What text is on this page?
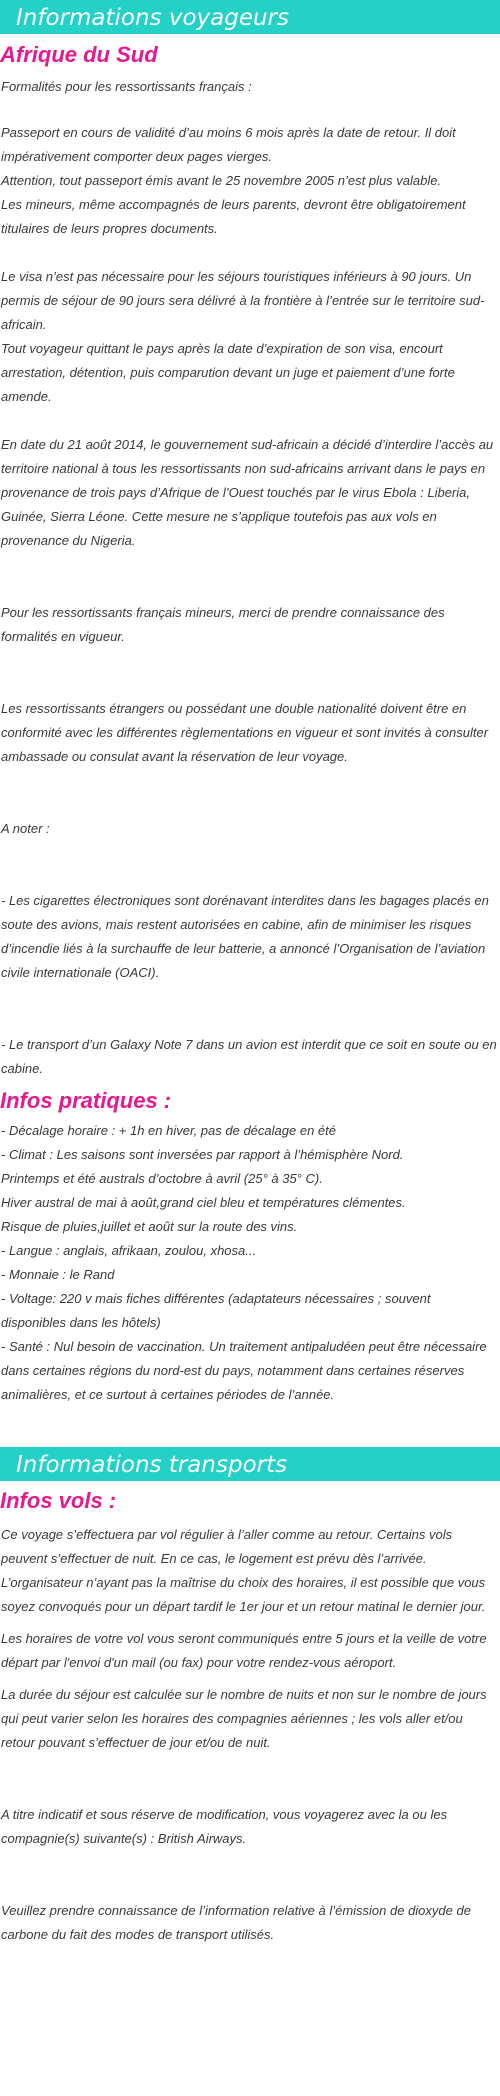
Informations voyageurs
Afrique du Sud

Formalités pour les ressortissants français :

Passeport en cours de validité d’au moins 6 mois après la date de retour. Il doit impérativement comporter deux pages vierges.

Attention, tout passeport émis avant le 25 novembre 2005 n’est plus valable.

Les mineurs, même accompagnés de leurs parents, devront être obligatoirement titulaires de leurs propres documents.

Le visa n’est pas nécessaire pour les séjours touristiques inférieurs à 90 jours. Un permis de séjour de 90 jours sera délivré à la frontière à l’entrée sur le territoire sud-africain.

Tout voyageur quittant le pays après la date d’expiration de son visa, encourt arrestation, détention, puis comparution devant un juge et paiement d’une forte amende.

En date du 21 août 2014, le gouvernement sud-africain a décidé d’interdire l’accès au territoire national à tous les ressortissants non sud-africains arrivant dans le pays en provenance de trois pays d’Afrique de l’Ouest touchés par le virus Ebola : Liberia, Guinée, Sierra Léone. Cette mesure ne s’applique toutefois pas aux vols en provenance du Nigeria.

Pour les ressortissants français mineurs, merci de prendre connaissance des formalités en vigueur.

Les ressortissants étrangers ou possédant une double nationalité doivent être en conformité avec les différentes règlementations en vigueur et sont invités à consulter ambassade ou consulat avant la réservation de leur voyage.

A noter :

- Les cigarettes électroniques sont dorénavant interdites dans les bagages placés en soute des avions, mais restent autorisées en cabine, afin de minimiser les risques d’incendie liés à la surchauffe de leur batterie, a annoncé l’Organisation de l’aviation civile internationale (OACI).

- Le transport d’un Galaxy Note 7 dans un avion est interdit que ce soit en soute ou en cabine.

Infos pratiques :

- Décalage horaire : + 1h en hiver, pas de décalage en été

- Climat : Les saisons sont inversées par rapport à l’hémisphère Nord.

Printemps et été australs d’octobre à avril (25° à 35° C).

Hiver austral de mai à août,grand ciel bleu et températures clémentes.

Risque de pluies,juillet et août sur la route des vins.

- Langue : anglais, afrikaan, zoulou, xhosa...

- Monnaie : le Rand

- Voltage: 220 v mais fiches différentes (adaptateurs nécessaires ; souvent disponibles dans les hôtels)

- Santé : Nul besoin de vaccination. Un traitement antipaludéen peut être nécessaire dans certaines régions du nord-est du pays, notamment dans certaines réserves animalières, et ce surtout à certaines périodes de l’année.

Informations transports
Infos vols :

Ce voyage s’effectuera par vol régulier à l’aller comme au retour. Certains vols peuvent s’effectuer de nuit. En ce cas, le logement est prévu dès l’arrivée. L’organisateur n’ayant pas la maîtrise du choix des horaires, il est possible que vous soyez convoqués pour un départ tardif le 1er jour et un retour matinal le dernier jour.

Les horaires de votre vol vous seront communiqués entre 5 jours et la veille de votre départ par l'envoi d'un mail (ou fax) pour votre rendez-vous aéroport.

La durée du séjour est calculée sur le nombre de nuits et non sur le nombre de jours qui peut varier selon les horaires des compagnies aériennes ; les vols aller et/ou retour pouvant s’effectuer de jour et/ou de nuit.

A titre indicatif et sous réserve de modification, vous voyagerez avec la ou les compagnie(s) suivante(s) : British Airways.

Veuillez prendre connaissance de l’information relative à l’émission de dioxyde de carbone du fait des modes de transport utilisés.
